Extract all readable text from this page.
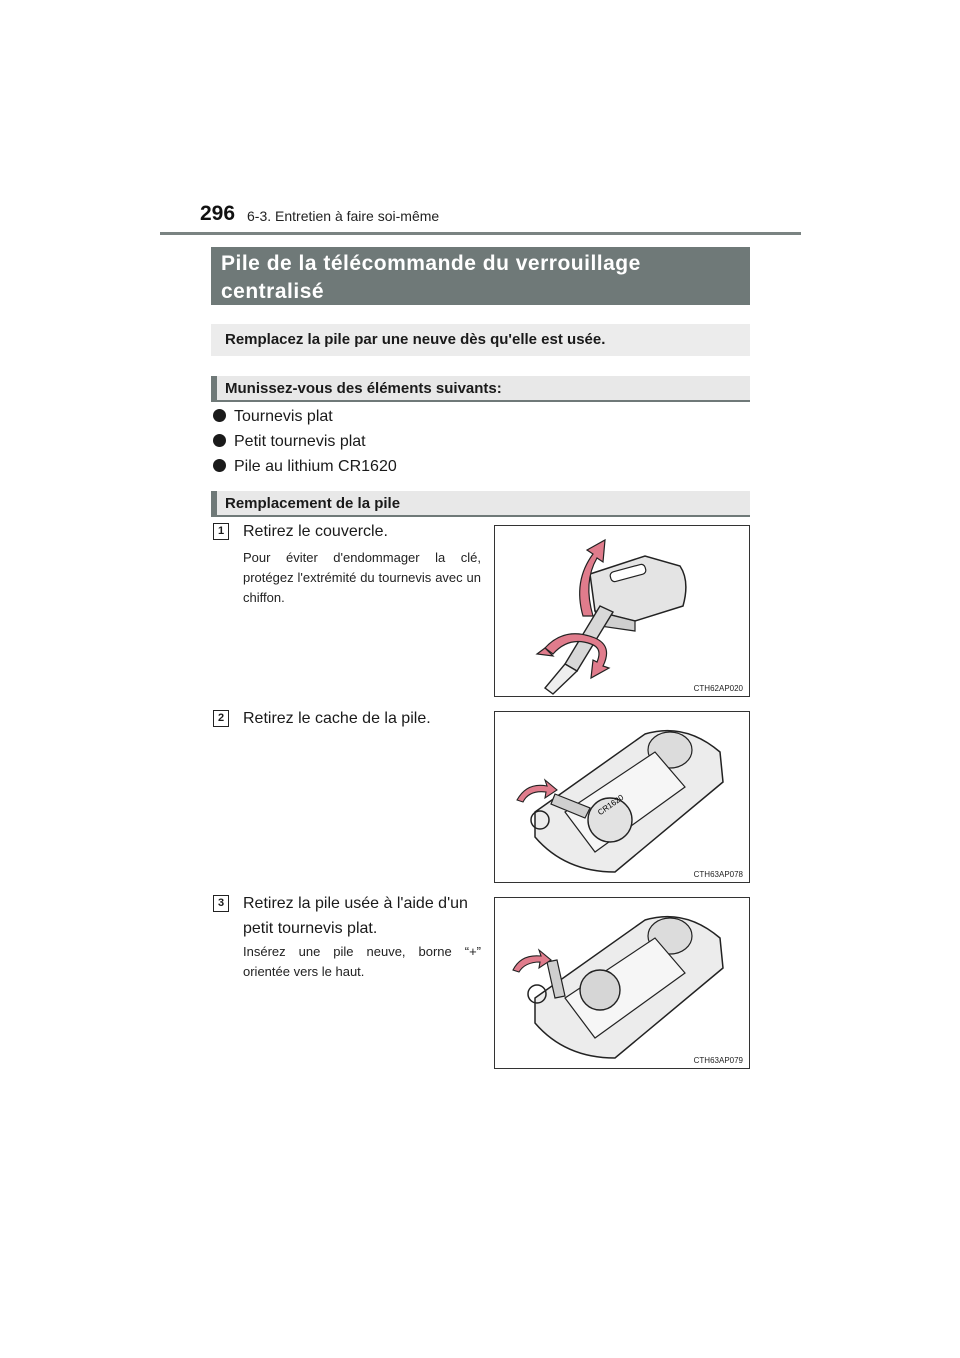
296 6-3. Entretien à faire soi-même
Pile de la télécommande du verrouillage centralisé
Remplacez la pile par une neuve dès qu'elle est usée.
Munissez-vous des éléments suivants:
Tournevis plat
Petit tournevis plat
Pile au lithium CR1620
Remplacement de la pile
1	Retirez le couvercle.
Pour éviter d'endommager la clé, protégez l'extrémité du tournevis avec un chiffon.
CTH62AP020
2	Retirez le cache de la pile.
CR1620
CTH63AP078
3	Retirez la pile usée à l'aide d'un petit tournevis plat.
Insérez une pile neuve, borne “+” orientée vers le haut.
CTH63AP079
